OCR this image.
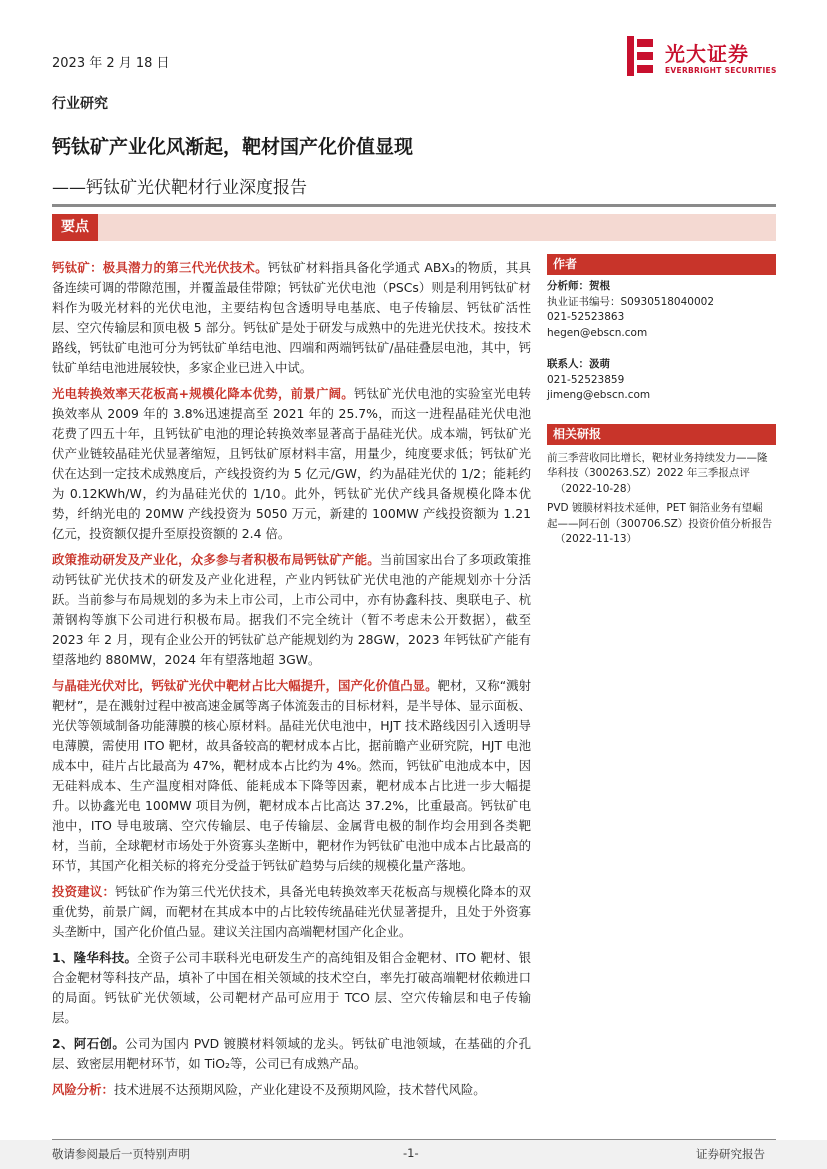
2023 年 2 月 18 日	光大证券
EVERBRIGHT SECURITIES
行业研究
钙钛矿产业化风渐起，靶材国产化价值显现
——钙钛矿光伏靶材行业深度报告
要点

钙钛矿：极具潜力的第三代光伏技术。钙钛矿材料指具备化学通式 ABX₃的物质，其具备连续可调的带隙范围，并覆盖最佳带隙；钙钛矿光伏电池（PSCs）则是利用钙钛矿材料作为吸光材料的光伏电池，主要结构包含透明导电基底、电子传输层、钙钛矿活性层、空穴传输层和顶电极 5 部分。钙钛矿是处于研发与成熟中的先进光伏技术。按技术路线，钙钛矿电池可分为钙钛矿单结电池、四端和两端钙钛矿/晶硅叠层电池，其中，钙钛矿单结电池进展较快，多家企业已进入中试。

光电转换效率天花板高+规模化降本优势，前景广阔。钙钛矿光伏电池的实验室光电转换效率从 2009 年的 3.8%迅速提高至 2021 年的 25.7%，而这一进程晶硅光伏电池花费了四五十年，且钙钛矿电池的理论转换效率显著高于晶硅光伏。成本端，钙钛矿光伏产业链较晶硅光伏显著缩短，且钙钛矿原材料丰富，用量少，纯度要求低；钙钛矿光伏在达到一定技术成熟度后，产线投资约为 5 亿元/GW，约为晶硅光伏的 1/2；能耗约为 0.12KWh/W，约为晶硅光伏的 1/10。此外，钙钛矿光伏产线具备规模化降本优势，纤纳光电的 20MW 产线投资为 5050 万元，新建的 100MW 产线投资额为 1.21 亿元，投资额仅提升至原投资额的 2.4 倍。

政策推动研发及产业化，众多参与者积极布局钙钛矿产能。当前国家出台了多项政策推动钙钛矿光伏技术的研发及产业化进程，产业内钙钛矿光伏电池的产能规划亦十分活跃。当前参与布局规划的多为未上市公司，上市公司中，亦有协鑫科技、奥联电子、杭萧钢构等旗下公司进行积极布局。据我们不完全统计（暂不考虑未公开数据），截至 2023 年 2 月，现有企业公开的钙钛矿总产能规划约为 28GW，2023 年钙钛矿产能有望落地约 880MW，2024 年有望落地超 3GW。

与晶硅光伏对比，钙钛矿光伏中靶材占比大幅提升，国产化价值凸显。靶材，又称“溅射靶材”，是在溅射过程中被高速金属等离子体流轰击的目标材料，是半导体、显示面板、光伏等领域制备功能薄膜的核心原材料。晶硅光伏电池中，HJT 技术路线因引入透明导电薄膜，需使用 ITO 靶材，故具备较高的靶材成本占比，据前瞻产业研究院，HJT 电池成本中，硅片占比最高为 47%，靶材成本占比约为 4%。然而，钙钛矿电池成本中，因无硅料成本、生产温度相对降低、能耗成本下降等因素，靶材成本占比进一步大幅提升。以协鑫光电 100MW 项目为例，靶材成本占比高达 37.2%，比重最高。钙钛矿电池中，ITO 导电玻璃、空穴传输层、电子传输层、金属背电极的制作均会用到各类靶材，当前，全球靶材市场处于外资寡头垄断中，靶材作为钙钛矿电池中成本占比最高的环节，其国产化相关标的将充分受益于钙钛矿趋势与后续的规模化量产落地。

投资建议：钙钛矿作为第三代光伏技术，具备光电转换效率天花板高与规模化降本的双重优势，前景广阔，而靶材在其成本中的占比较传统晶硅光伏显著提升，且处于外资寡头垄断中，国产化价值凸显。建议关注国内高端靶材国产化企业。

1、隆华科技。全资子公司丰联科光电研发生产的高纯钼及钼合金靶材、ITO 靶材、银合金靶材等科技产品，填补了中国在相关领域的技术空白，率先打破高端靶材依赖进口的局面。钙钛矿光伏领域，公司靶材产品可应用于 TCO 层、空穴传输层和电子传输层。

2、阿石创。公司为国内 PVD 镀膜材料领域的龙头。钙钛矿电池领域，在基础的介孔层、致密层用靶材环节，如 TiO₂等，公司已有成熟产品。

风险分析：技术进展不达预期风险，产业化建设不及预期风险，技术替代风险。

作者
分析师：贺根
执业证书编号：S0930518040002
021-52523863
hegen@ebscn.com
联系人：汲萌
021-52523859
jimeng@ebscn.com
相关研报
前三季营收同比增长，靶材业务持续发力——隆
华科技（300263.SZ）2022 年三季报点评
（2022-10-28）
PVD 镀膜材料技术延伸，PET 铜箔业务有望崛
起——阿石创（300706.SZ）投资价值分析报告
（2022-11-13）
敬请参阅最后一页特别声明	-1-	证券研究报告
